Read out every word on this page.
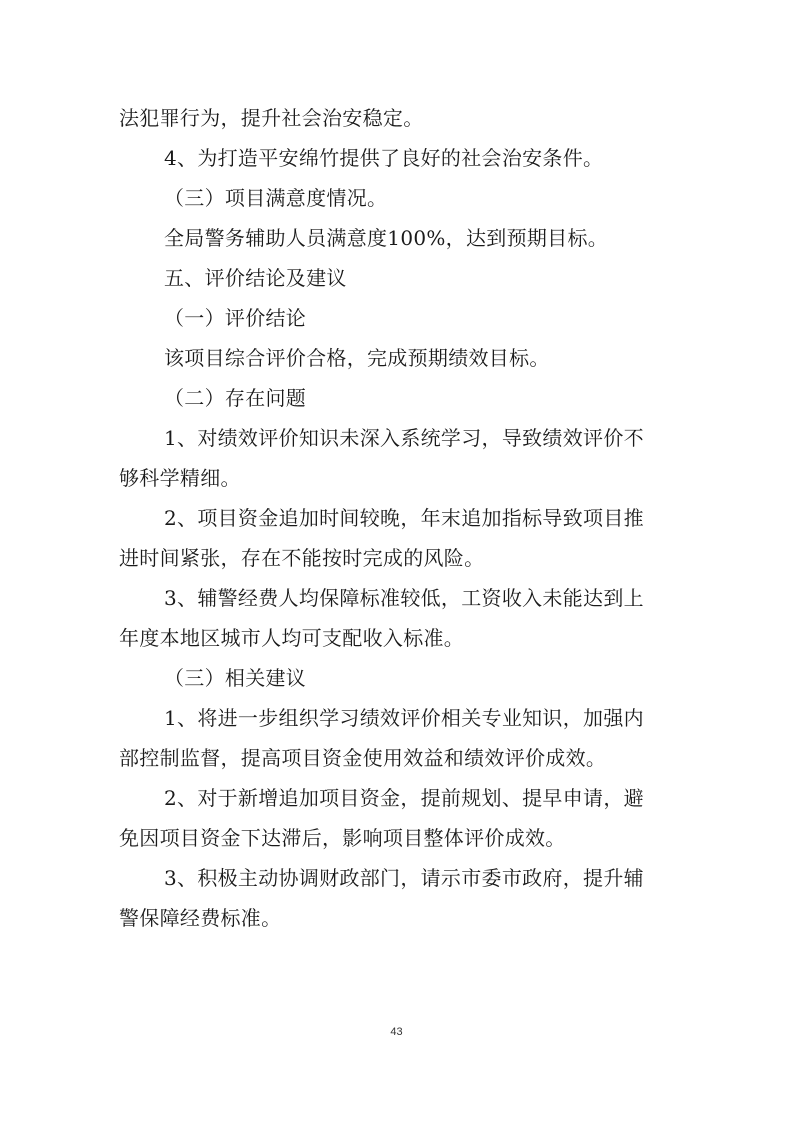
法犯罪行为，提升社会治安稳定。
4、为打造平安绵竹提供了良好的社会治安条件。
（三）项目满意度情况。
全局警务辅助人员满意度100%，达到预期目标。
五、评价结论及建议
（一）评价结论
该项目综合评价合格，完成预期绩效目标。
（二）存在问题
1、对绩效评价知识未深入系统学习，导致绩效评价不
够科学精细。
2、项目资金追加时间较晚，年末追加指标导致项目推
进时间紧张，存在不能按时完成的风险。
3、辅警经费人均保障标准较低，工资收入未能达到上
年度本地区城市人均可支配收入标准。
（三）相关建议
1、将进一步组织学习绩效评价相关专业知识，加强内
部控制监督，提高项目资金使用效益和绩效评价成效。
2、对于新增追加项目资金，提前规划、提早申请，避
免因项目资金下达滞后，影响项目整体评价成效。
3、积极主动协调财政部门，请示市委市政府，提升辅
警保障经费标准。
43
